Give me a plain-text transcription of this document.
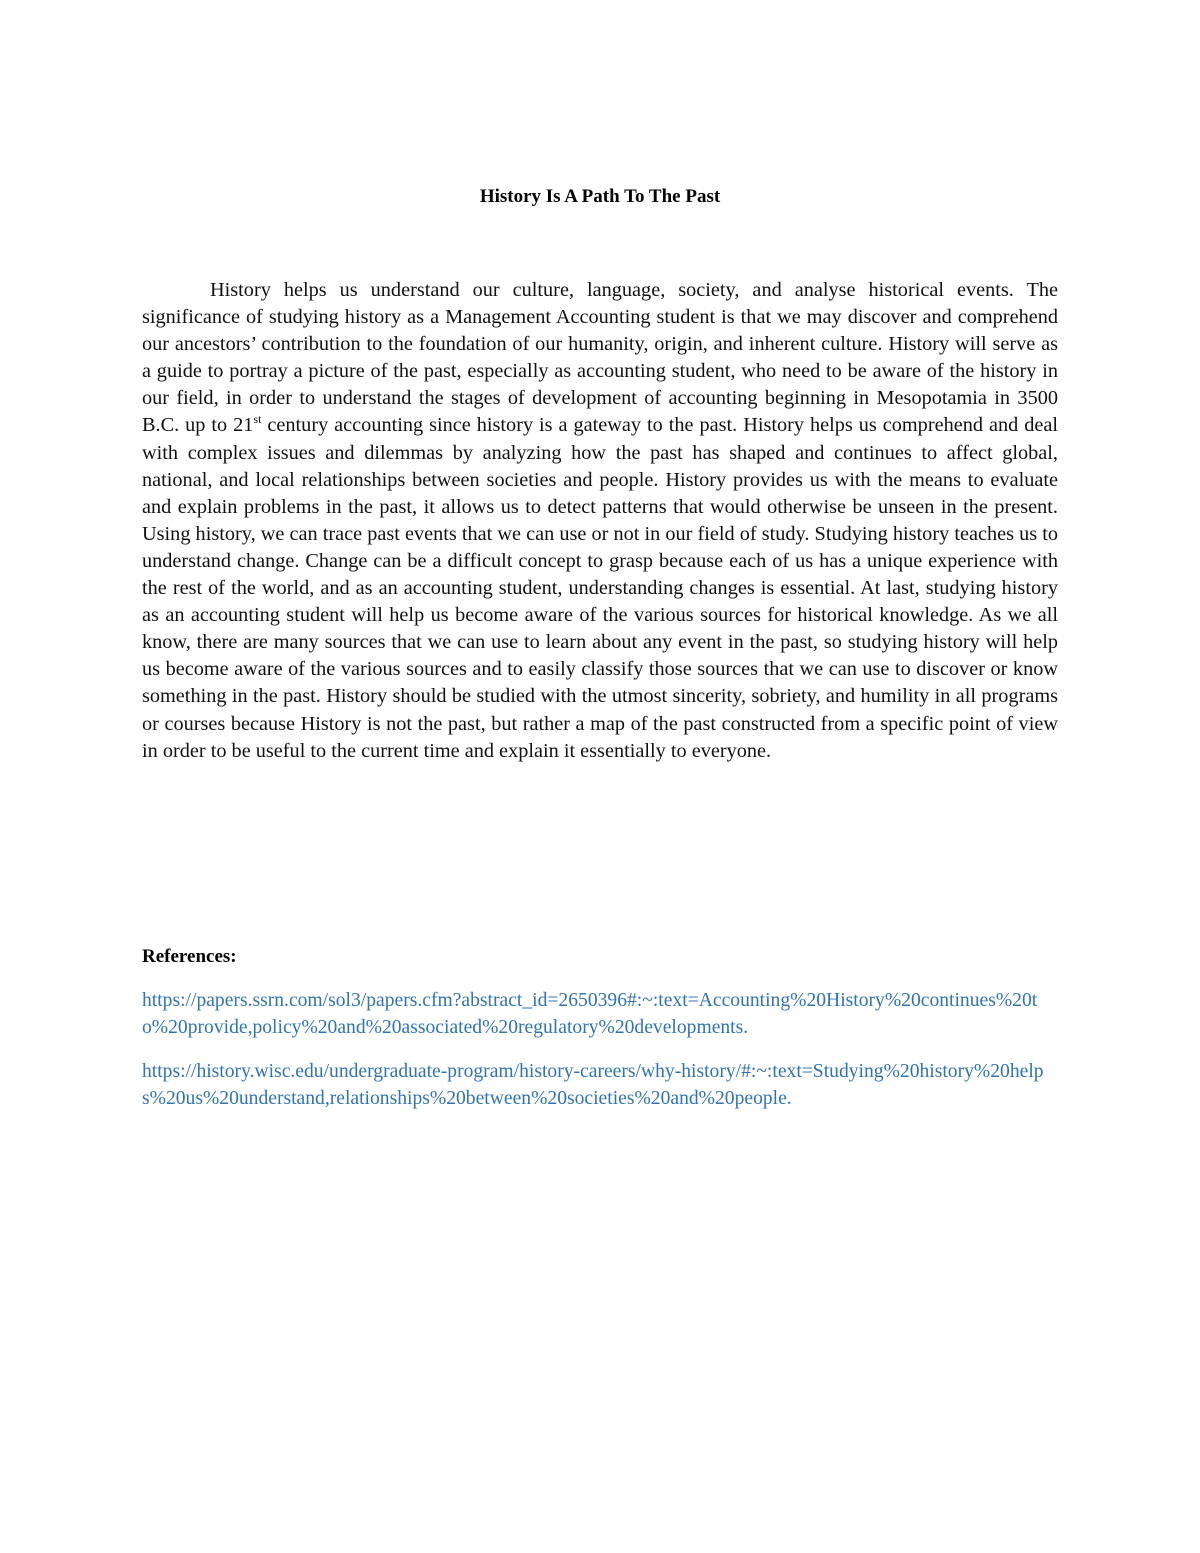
History Is A Path To The Past

History helps us understand our culture, language, society, and analyse historical events. The significance of studying history as a Management Accounting student is that we may discover and comprehend our ancestors’ contribution to the foundation of our humanity, origin, and inherent culture. History will serve as a guide to portray a picture of the past, especially as accounting student, who need to be aware of the history in our field, in order to understand the stages of development of accounting beginning in Mesopotamia in 3500 B.C. up to 21st century accounting since history is a gateway to the past. History helps us comprehend and deal with complex issues and dilemmas by analyzing how the past has shaped and continues to affect global, national, and local relationships between societies and people. History provides us with the means to evaluate and explain problems in the past, it allows us to detect patterns that would otherwise be unseen in the present. Using history, we can trace past events that we can use or not in our field of study. Studying history teaches us to understand change. Change can be a difficult concept to grasp because each of us has a unique experience with the rest of the world, and as an accounting student, understanding changes is essential. At last, studying history as an accounting student will help us become aware of the various sources for historical knowledge. As we all know, there are many sources that we can use to learn about any event in the past, so studying history will help us become aware of the various sources and to easily classify those sources that we can use to discover or know something in the past. History should be studied with the utmost sincerity, sobriety, and humility in all programs or courses because History is not the past, but rather a map of the past constructed from a specific point of view in order to be useful to the current time and explain it essentially to everyone.

References:
https://papers.ssrn.com/sol3/papers.cfm?abstract_id=2650396#:~:text=Accounting%20History%20continues%20to%20provide,policy%20and%20associated%20regulatory%20developments.
https://history.wisc.edu/undergraduate-program/history-careers/why-history/#:~:text=Studying%20history%20helps%20us%20understand,relationships%20between%20societies%20and%20people.
